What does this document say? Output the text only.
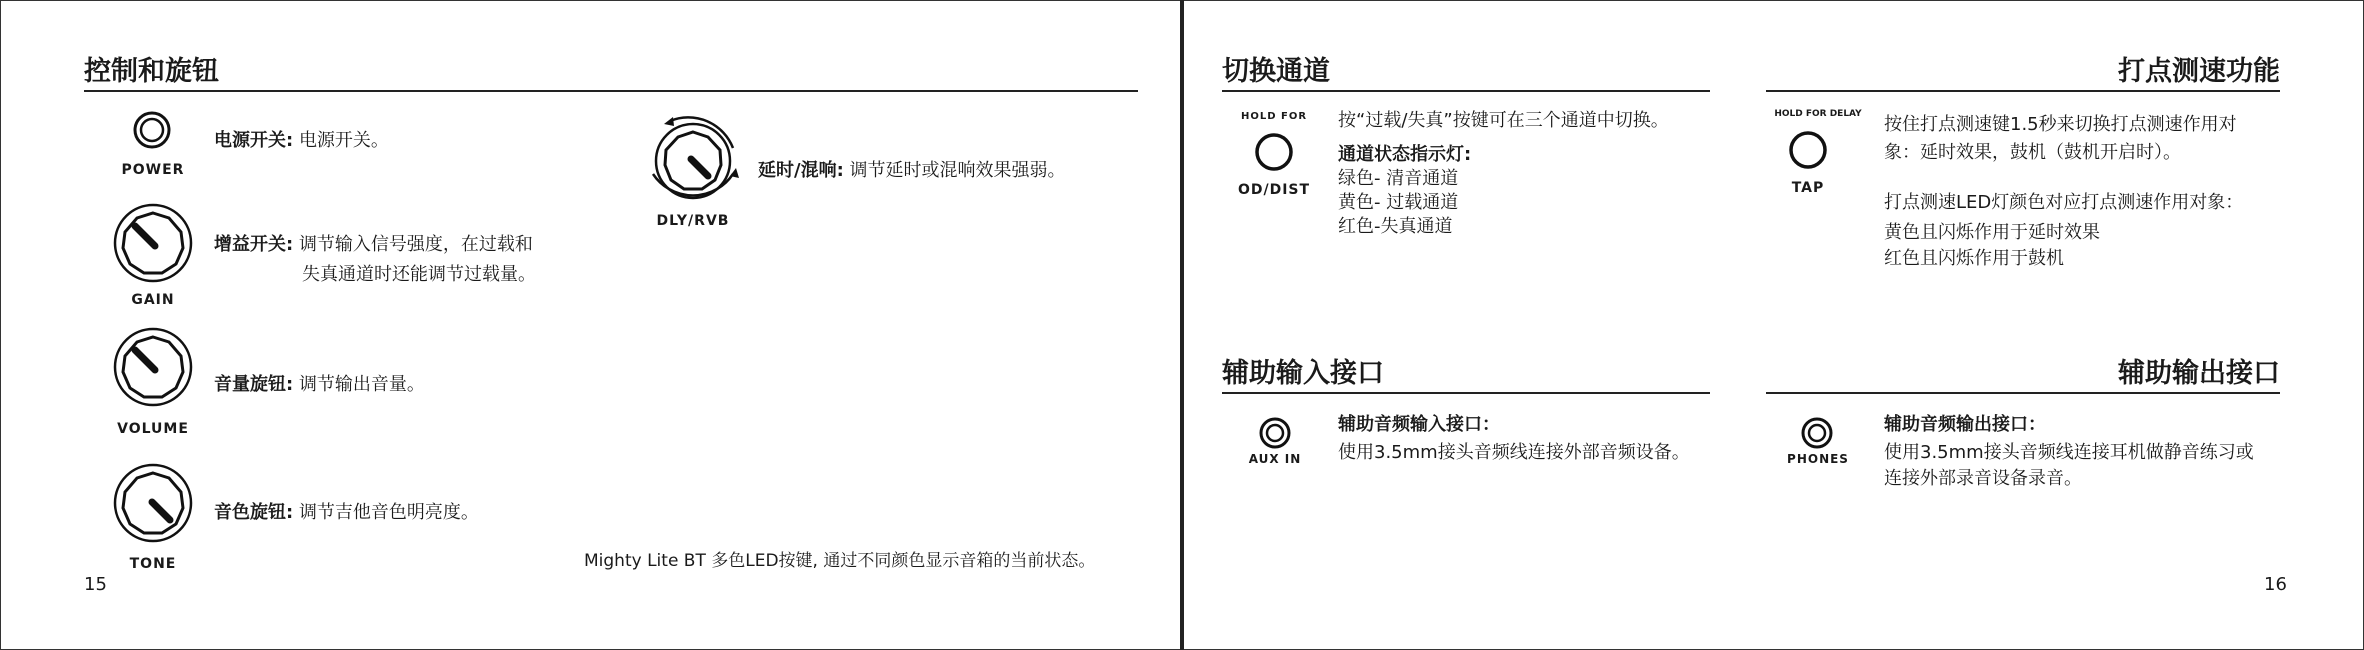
控制和旋钮
POWER
电源开关: 电源开关。
GAIN
增益开关: 调节输入信号强度，在过载和
失真通道时还能调节过载量。
VOLUME
音量旋钮: 调节输出音量。
TONE
音色旋钮: 调节吉他音色明亮度。
DLY/RVB
延时/混响: 调节延时或混响效果强弱。
Mighty Lite BT 多色LED按键, 通过不同颜色显示音箱的当前状态。
15
切换通道
HOLD FOR
OD/DIST
按“过载/失真”按键可在三个通道中切换。
通道状态指示灯:
绿色- 清音通道
黄色- 过载通道
红色-失真通道
打点测速功能
HOLD FOR DELAY
TAP
按住打点测速键1.5秒来切换打点测速作用对
象：延时效果，鼓机（鼓机开启时）。
打点测速LED灯颜色对应打点测速作用对象：
黄色且闪烁作用于延时效果
红色且闪烁作用于鼓机
辅助输入接口
AUX IN
辅助音频输入接口：
使用3.5mm接头音频线连接外部音频设备。
辅助输出接口
PHONES
辅助音频输出接口：
使用3.5mm接头音频线连接耳机做静音练习或
连接外部录音设备录音。
16
